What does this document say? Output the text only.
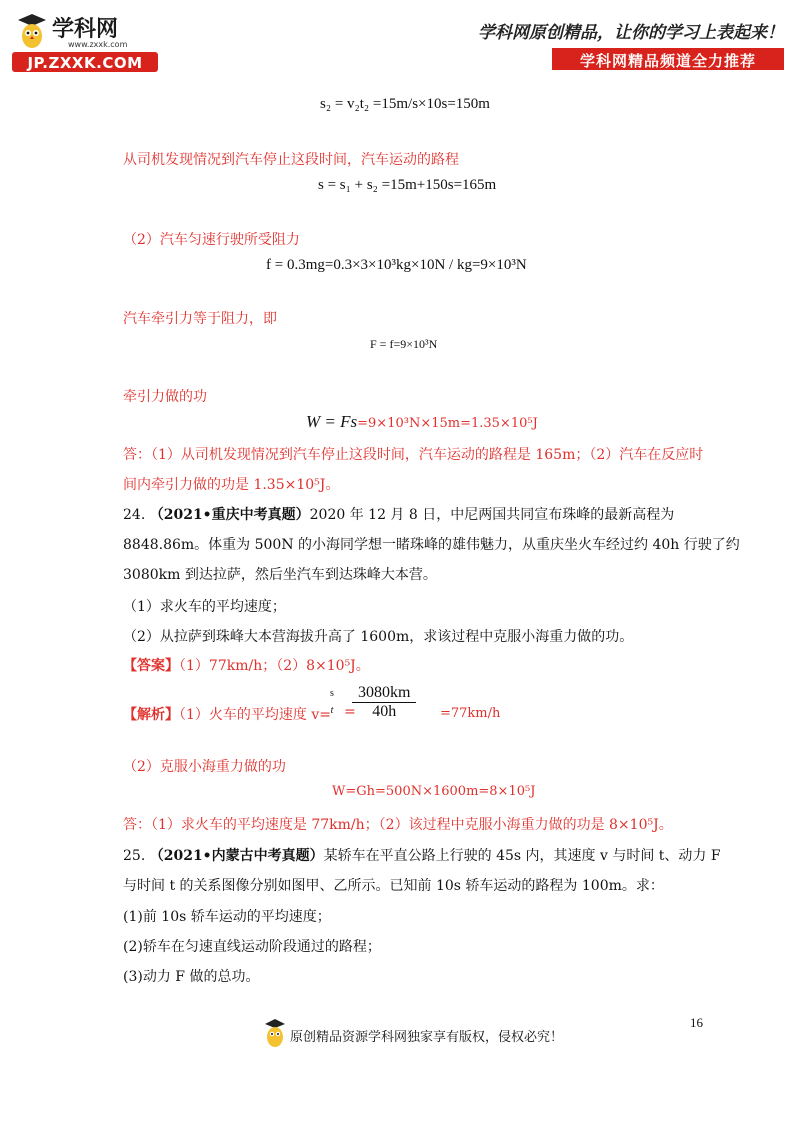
学科网
www.zxxk.com
JP.ZXXK.COM
学科网原创精品，让你的学习上表起来！
学科网精品频道全力推荐
s₂ = v₂t₂ =15m/s×10s=150m
从司机发现情况到汽车停止这段时间，汽车运动的路程
s = s₁ + s₂ =15m+150s=165m
（2）汽车匀速行驶所受阻力
f = 0.3mg=0.3×3×10³kg×10N / kg=9×10³N
汽车牵引力等于阻力，即
F = f=9×10³N
牵引力做的功
W = Fs=9×10³N×15m=1.35×10⁵J
答：（1）从司机发现情况到汽车停止这段时间，汽车运动的路程是 165m；（2）汽车在反应时
间内牵引力做的功是 1.35×10⁵J。
24. （2021•重庆中考真题）2020 年 12 月 8 日，中尼两国共同宣布珠峰的最新高程为
8848.86m。体重为 500N 的小海同学想一睹珠峰的雄伟魅力，从重庆坐火车经过约 40h 行驶了约
3080km 到达拉萨，然后坐汽车到达珠峰大本营。
（1）求火车的平均速度；
（2）从拉萨到珠峰大本营海拔升高了 1600m，求该过程中克服小海重力做的功。
【答案】（1）77km/h；（2）8×10⁵J。
【解析】（1）火车的平均速度 v=
s
t =
$\frac{3080km}{40h} =77km/h$
（2）克服小海重力做的功
W=Gh=500N×1600m=8×10⁵J
答：（1）求火车的平均速度是 77km/h；（2）该过程中克服小海重力做的功是 8×10⁵J。
25. （2021•内蒙古中考真题）某轿车在平直公路上行驶的 45s 内，其速度 v 与时间 t、动力 F
与时间 t 的关系图像分别如图甲、乙所示。已知前 10s 轿车运动的路程为 100m。求：
(1)前 10s 轿车运动的平均速度；
(2)轿车在匀速直线运动阶段通过的路程；
(3)动力 F 做的总功。
16
原创精品资源学科网独家享有版权，侵权必究！
